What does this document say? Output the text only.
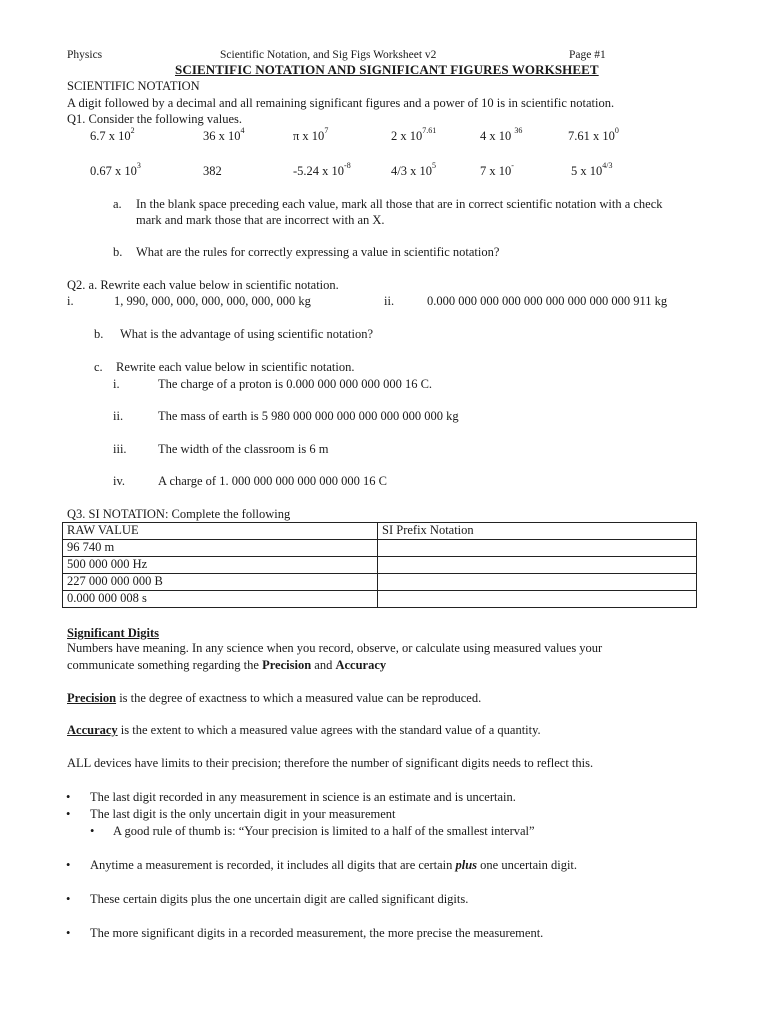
Physics	Scientific Notation, and Sig Figs Worksheet v2	Page #1
SCIENTIFIC NOTATION AND SIGNIFICANT FIGURES WORKSHEET
SCIENTIFIC NOTATION
A digit followed by a decimal and all remaining significant figures and a power of 10 is in scientific notation.
Q1. Consider the following values.
6.7 x $10^2$	36 x $10^4$	π x $10^7$	2 x $10^{7.61}$	4 x 10 $^{36}$	7.61 x $10^0$
0.67 x $10^3$	382	-5.24 x $10^{-8}$	4/3 x $10^5$	7 x 10-	5 x $10^{4/3}$
a. In the blank space preceding each value, mark all those that are in correct scientific notation with a check
mark and mark those that are incorrect with an X.
b. What are the rules for correctly expressing a value in scientific notation?
Q2. a. Rewrite each value below in scientific notation.
i.	1, 990, 000, 000, 000, 000, 000, 000 kg	ii.	0.000 000 000 000 000 000 000 000 000 911 kg
b. What is the advantage of using scientific notation?
c. Rewrite each value below in scientific notation.
i.	The charge of a proton is 0.000 000 000 000 000 16 C.
ii.	The mass of earth is 5 980 000 000 000 000 000 000 000 kg
iii.	The width of the classroom is 6 m
iv.	A charge of 1. 000 000 000 000 000 000 16 C
Q3. SI NOTATION: Complete the following
RAW VALUE	SI Prefix Notation
96 740 m	
500 000 000 Hz	
227 000 000 000 B	
0.000 000 008 s	
Significant Digits
Numbers have meaning. In any science when you record, observe, or calculate using measured values your
communicate something regarding the Precision and Accuracy
Precision is the degree of exactness to which a measured value can be reproduced.
Accuracy is the extent to which a measured value agrees with the standard value of a quantity.
ALL devices have limits to their precision; therefore the number of significant digits needs to reflect this.
• The last digit recorded in any measurement in science is an estimate and is uncertain.
• The last digit is the only uncertain digit in your measurement
• A good rule of thumb is: “Your precision is limited to a half of the smallest interval”
• Anytime a measurement is recorded, it includes all digits that are certain plus one uncertain digit.
• These certain digits plus the one uncertain digit are called significant digits.
• The more significant digits in a recorded measurement, the more precise the measurement.
